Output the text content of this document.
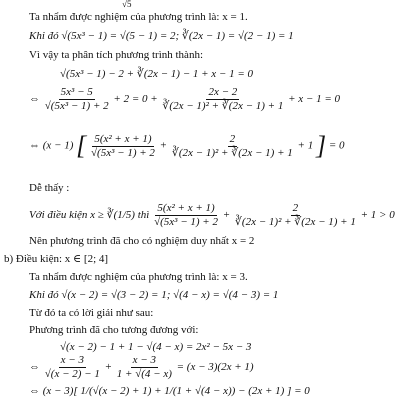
√5
Ta nhẩm được nghiệm của phương trình là: x = 1.
Khi đó √(5x³ − 1) = √(5 − 1) = 2; ∛(2x − 1) = √(2 − 1) = 1
Vì vậy ta phân tích phương trình thành:
√(5x³ − 1) − 2 + ∛(2x − 1) − 1 + x − 1 = 0
⇔ $\frac{\text{5x³ − 5}}{\text{√(5x³ − 1) + 2}} + 2 = 0 + \frac{2x - 2}{\text{∛(2x − 1)² + ∛(2x − 1) + 1}} + x - 1 = 0$
⇔ (x − 1) [ $\frac{\text{5(x² + x + 1)}}{\text{√(5x³ − 1) + 2}} + \frac{2}{\text{∛(2x − 1)² + ∛(2x − 1) + 1}} + 1$ ] = 0
Dễ thấy :
Với điều kiện x ≥ ∛(1/5) thì $\frac{\text{5(x² + x + 1)}}{\text{√(5x³ − 1) + 2}} + \frac{2}{\text{∛(2x − 1)² + ∛(2x − 1) + 1}} + 1 > 0$
Nên phương trình đã cho có nghiệm duy nhất x = 2
b) Điều kiện: x ∈ [2; 4]
Ta nhẩm được nghiệm của phương trình là: x = 3.
Khi đó √(x − 2) = √(3 − 2) = 1; √(4 − x) = √(4 − 3) = 1
Từ đó ta có lời giải như sau:
Phương trình đã cho tương đương với:
√(x − 2) − 1 + 1 − √(4 − x) = 2x² − 5x − 3
⇔ $\frac{x - 3}{√(x - 2) - 1} + \frac{x - 3}{1 + √(4 - x)} = (x - 3)(2x + 1)$
⇔ (x − 3)[ 1/(√(x − 2) + 1) + 1/(1 + √(4 − x)) − (2x + 1) ] = 0
